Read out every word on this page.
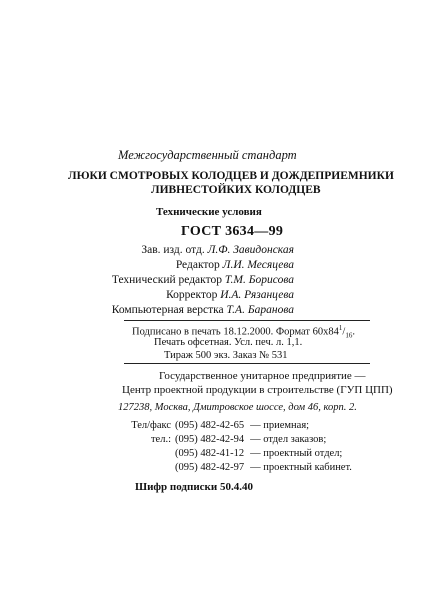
Межгосударственный стандарт
ЛЮКИ СМОТРОВЫХ КОЛОДЦЕВ И ДОЖДЕПРИЕМНИКИ
ЛИВНЕСТОЙКИХ КОЛОДЦЕВ
Технические условия
ГОСТ 3634—99
Зав. изд. отд. Л.Ф. Завидонская
Редактор Л.И. Месяцева
Технический редактор Т.М. Борисова
Корректор И.А. Рязанцева
Компьютерная верстка Т.А. Баранова
Подписано в печать 18.12.2000. Формат $60х84^1/_{16}$.
Печать офсетная. Усл. печ. л. 1,1.
Тираж 500 экз. Заказ № 531
Государственное унитарное предприятие —
Центр проектной продукции в строительстве (ГУП ЦПП)
127238, Москва, Дмитровское шоссе, дом 46, корп. 2.
Тел/факс	(095) 482-42-65	— приемная;
тел.:	(095) 482-42-94	— отдел заказов;
	(095) 482-41-12	— проектный отдел;
	(095) 482-42-97	— проектный кабинет.
Шифр подписки 50.4.40
